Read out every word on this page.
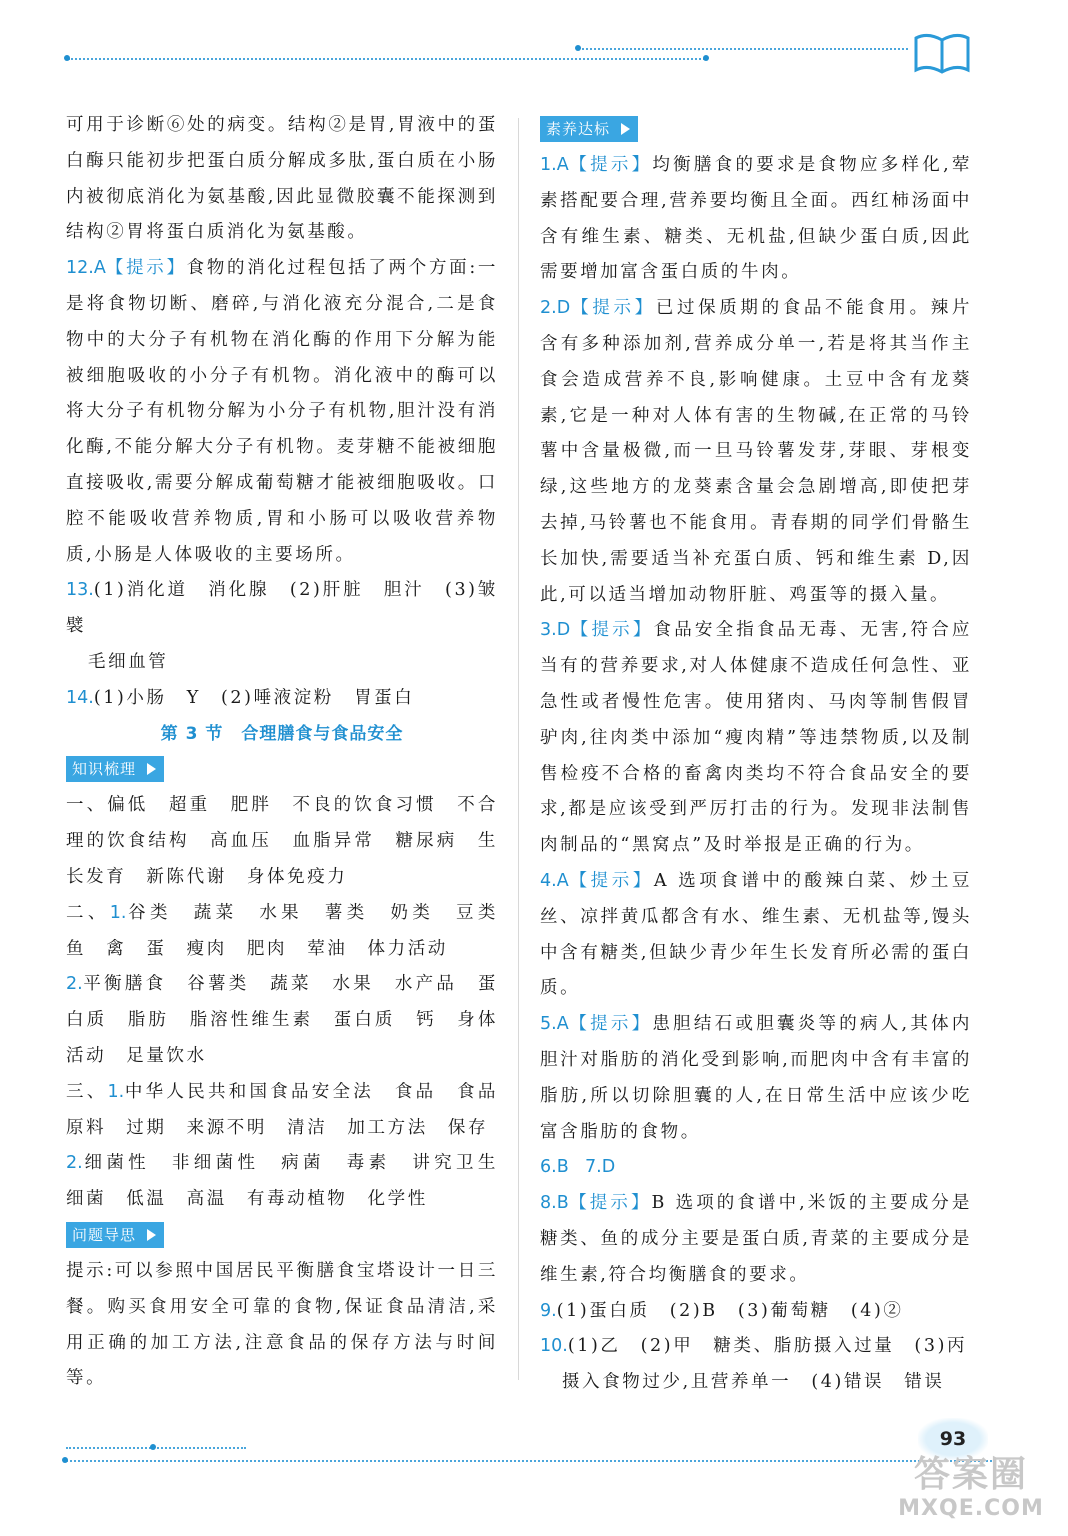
可用于诊断⑥处的病变。结构②是胃,胃液中的蛋白酶只能初步把蛋白质分解成多肽,蛋白质在小肠内被彻底消化为氨基酸,因此显微胶囊不能探测到结构②胃将蛋白质消化为氨基酸。

12.A【提示】食物的消化过程包括了两个方面:一是将食物切断、磨碎,与消化液充分混合,二是食物中的大分子有机物在消化酶的作用下分解为能被细胞吸收的小分子有机物。消化液中的酶可以将大分子有机物分解为小分子有机物,胆汁没有消化酶,不能分解大分子有机物。麦芽糖不能被细胞直接吸收,需要分解成葡萄糖才能被细胞吸收。口腔不能吸收营养物质,胃和小肠可以吸收营养物质,小肠是人体吸收的主要场所。

13.(1)消化道　消化腺　(2)肝脏　胆汁　(3)皱襞

毛细血管

14.(1)小肠　Y　(2)唾液淀粉　胃蛋白

第 3 节　合理膳食与食品安全
知识梳理

一、偏低　超重　肥胖　不良的饮食习惯　不合理的饮食结构　高血压　血脂异常　糖尿病　生长发育　新陈代谢　身体免疫力

二、1.谷类　蔬菜　水果　薯类　奶类　豆类　鱼　禽　蛋　瘦肉　肥肉　荤油　体力活动

2.平衡膳食　谷薯类　蔬菜　水果　水产品　蛋白质　脂肪　脂溶性维生素　蛋白质　钙　身体活动　足量饮水

三、1.中华人民共和国食品安全法　食品　食品原料　过期　来源不明　清洁　加工方法　保存

2.细菌性　非细菌性　病菌　毒素　讲究卫生　细菌　低温　高温　有毒动植物　化学性

问题导思

提示:可以参照中国居民平衡膳食宝塔设计一日三餐。购买食用安全可靠的食物,保证食品清洁,采用正确的加工方法,注意食品的保存方法与时间等。

素养达标

1.A【提示】均衡膳食的要求是食物应多样化,荤素搭配要合理,营养要均衡且全面。西红柿汤面中含有维生素、糖类、无机盐,但缺少蛋白质,因此需要增加富含蛋白质的牛肉。

2.D【提示】已过保质期的食品不能食用。辣片含有多种添加剂,营养成分单一,若是将其当作主食会造成营养不良,影响健康。土豆中含有龙葵素,它是一种对人体有害的生物碱,在正常的马铃薯中含量极微,而一旦马铃薯发芽,芽眼、芽根变绿,这些地方的龙葵素含量会急剧增高,即使把芽去掉,马铃薯也不能食用。青春期的同学们骨骼生长加快,需要适当补充蛋白质、钙和维生素 D,因此,可以适当增加动物肝脏、鸡蛋等的摄入量。

3.D【提示】食品安全指食品无毒、无害,符合应当有的营养要求,对人体健康不造成任何急性、亚急性或者慢性危害。使用猪肉、马肉等制售假冒驴肉,往肉类中添加“瘦肉精”等违禁物质,以及制售检疫不合格的畜禽肉类均不符合食品安全的要求,都是应该受到严厉打击的行为。发现非法制售肉制品的“黑窝点”及时举报是正确的行为。

4.A【提示】A 选项食谱中的酸辣白菜、炒土豆丝、凉拌黄瓜都含有水、维生素、无机盐等,馒头中含有糖类,但缺少青少年生长发育所必需的蛋白质。

5.A【提示】患胆结石或胆囊炎等的病人,其体内胆汁对脂肪的消化受到影响,而肥肉中含有丰富的脂肪,所以切除胆囊的人,在日常生活中应该少吃富含脂肪的食物。

6.B 7.D

8.B【提示】B 选项的食谱中,米饭的主要成分是糖类、鱼的成分主要是蛋白质,青菜的主要成分是维生素,符合均衡膳食的要求。

9.(1)蛋白质　(2)B　(3)葡萄糖　(4)②

10.(1)乙　(2)甲　糖类、脂肪摄入过量　(3)丙

摄入食物过少,且营养单一　(4)错误　错误

93
答案圈
MXQE.COM
